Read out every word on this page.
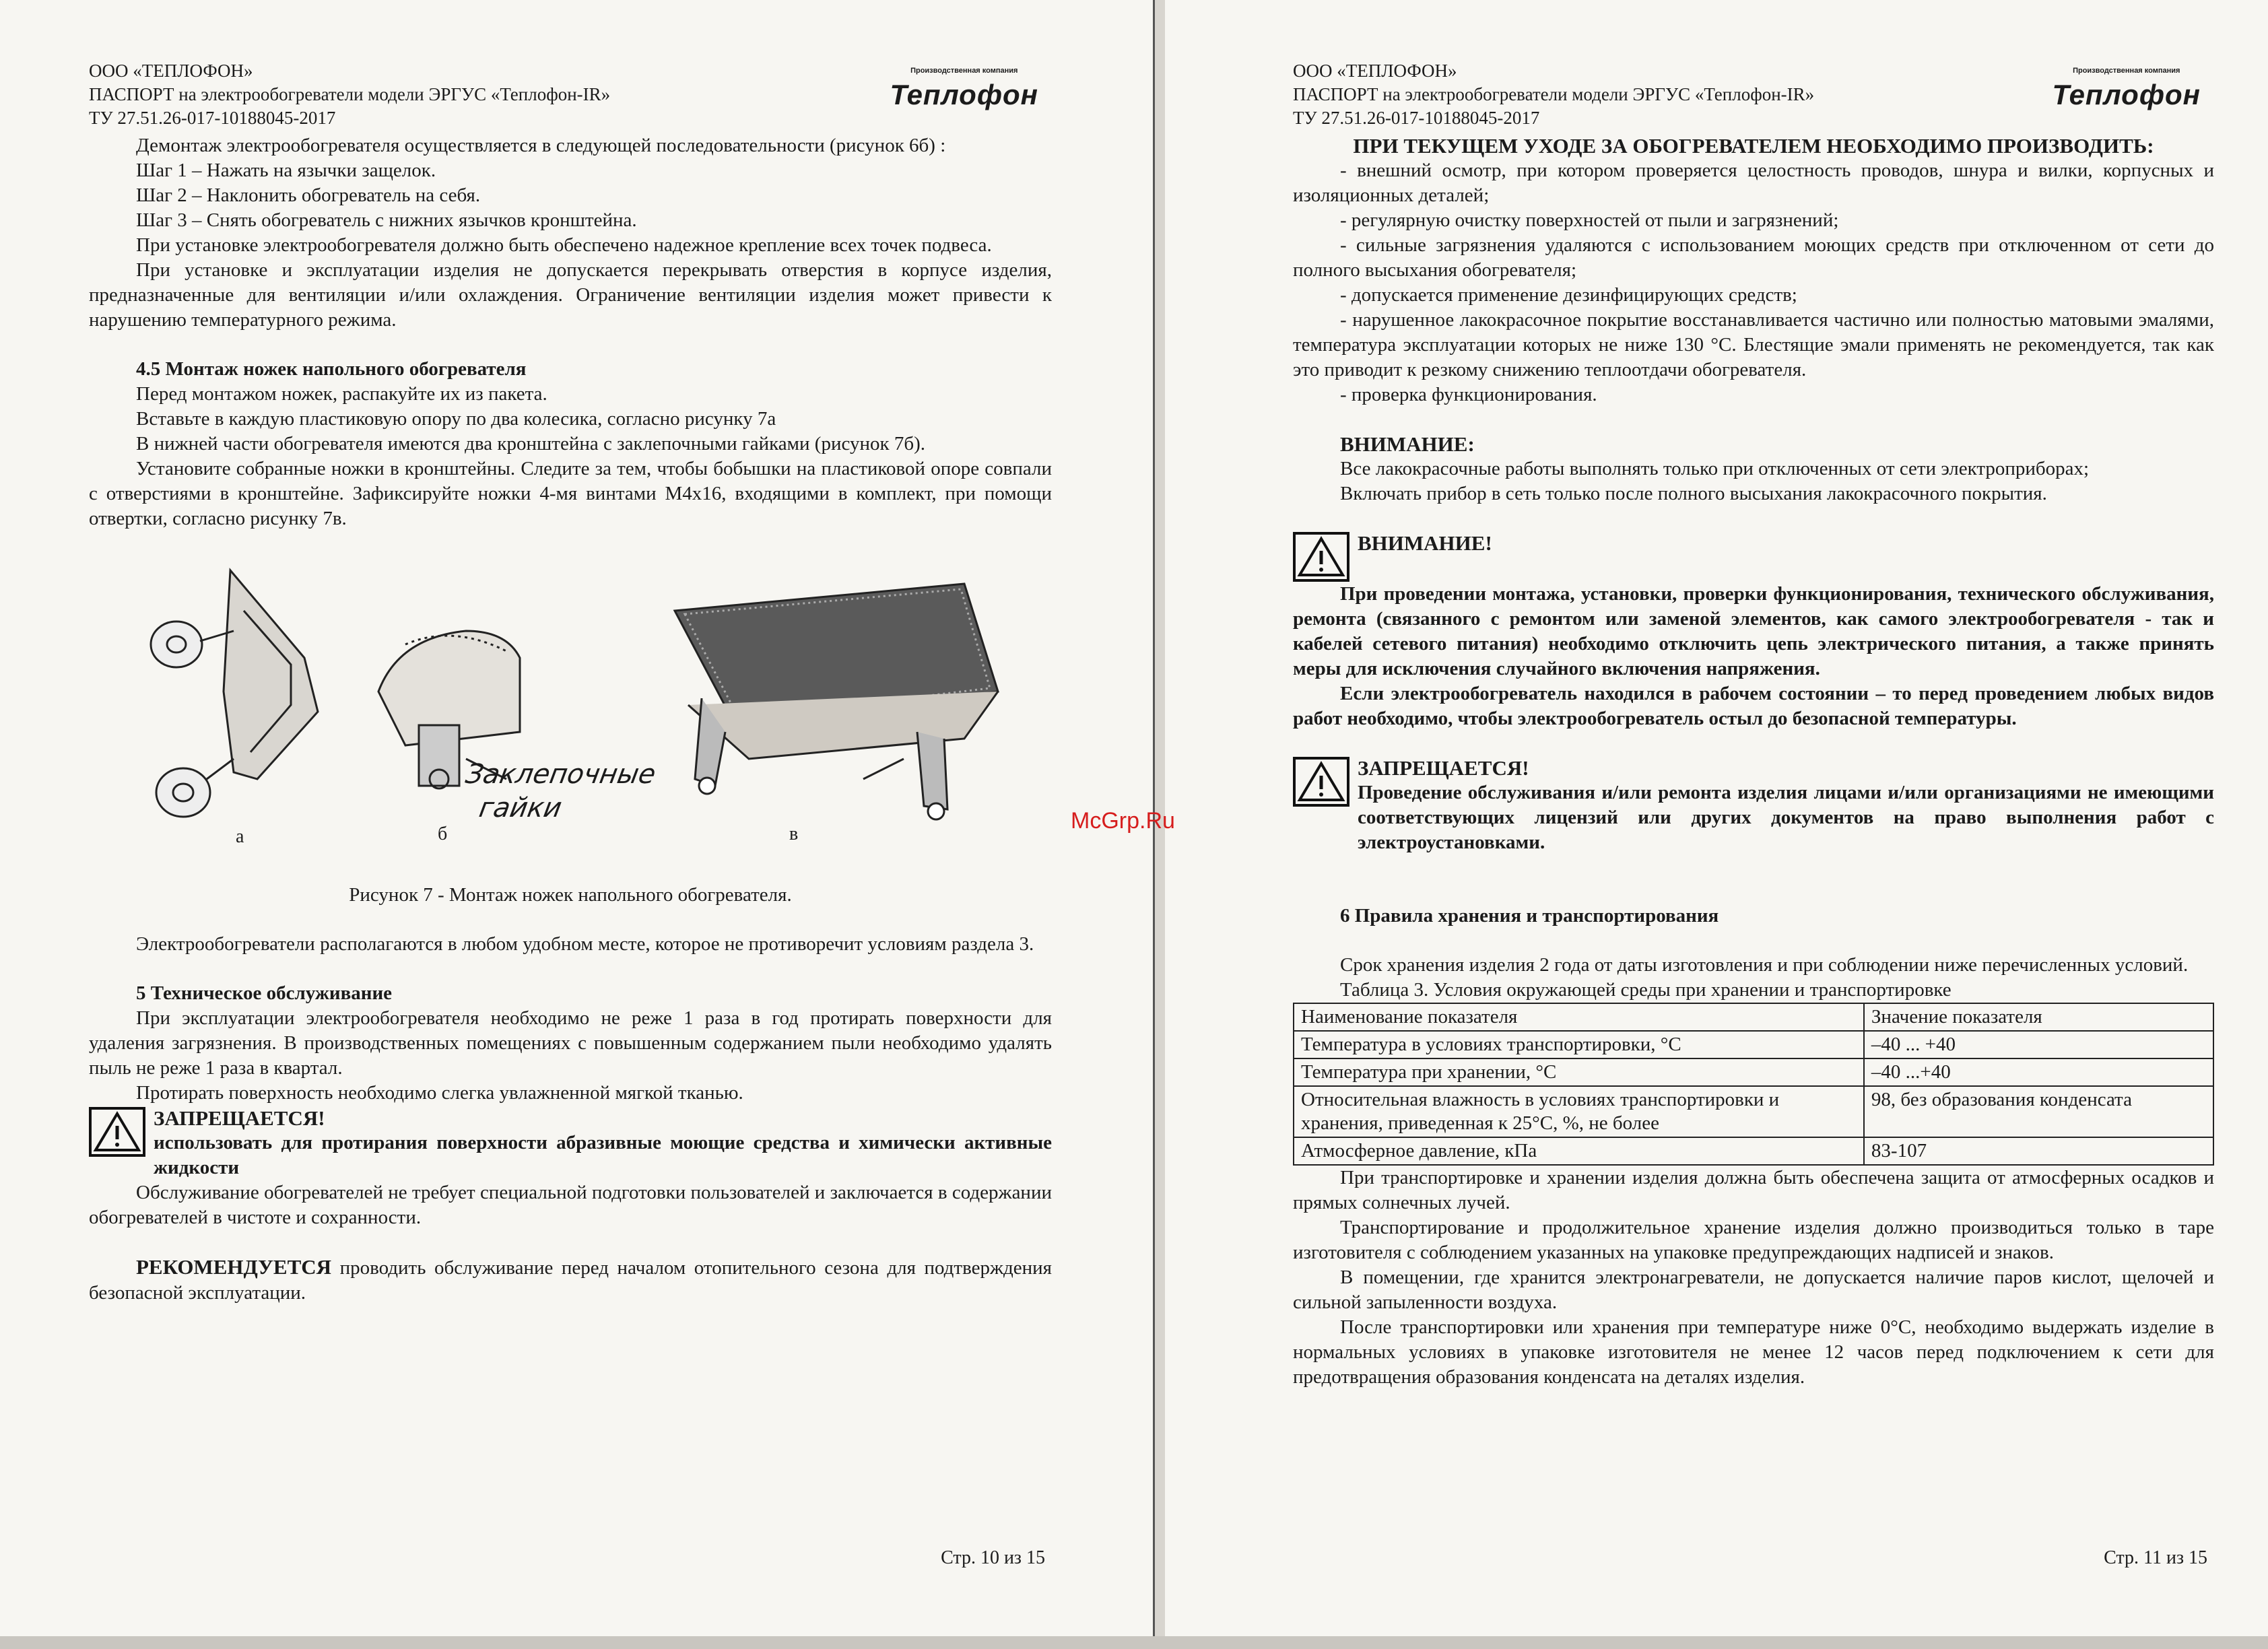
ООО «ТЕПЛОФОН»
ПАСПОРТ на электрообогреватели модели ЭРГУС «Теплофон-IR»
ТУ 27.51.26-017-10188045-2017
Производственная компания
Теплофон

Демонтаж электрообогревателя осуществляется в следующей последовательности (рисунок 6б) :

Шаг 1 – Нажать на язычки защелок.

Шаг 2 – Наклонить обогреватель на себя.

Шаг 3 – Снять обогреватель с нижних язычков кронштейна.

При установке электрообогревателя должно быть обеспечено надежное крепление всех точек подвеса.

При установке и эксплуатации изделия не допускается перекрывать отверстия в корпусе изделия, предназначенные для вентиляции и/или охлаждения. Ограничение вентиляции изделия может привести к нарушению температурного режима.

4.5 Монтаж ножек напольного обогревателя

Перед монтажом ножек, распакуйте их из пакета.

Вставьте в каждую пластиковую опору по два колесика, согласно рисунку 7а

В нижней части обогревателя имеются два кронштейна с заклепочными гайками (рисунок 7б).

Установите собранные ножки в кронштейны. Следите за тем, чтобы бобышки на пластиковой опоре совпали с отверстиями в кронштейне. Зафиксируйте ножки 4-мя винтами М4х16, входящими в комплект, при помощи отвертки, согласно рисунку 7в.

Заклепочные
гайки
а	б	в
Рисунок 7 - Монтаж ножек напольного обогревателя.

Электрообогреватели располагаются в любом удобном месте, которое не противоречит условиям раздела 3.

5 Техническое обслуживание

При эксплуатации электрообогревателя необходимо не реже 1 раза в год протирать поверхности для удаления загрязнения. В производственных помещениях с повышенным содержанием пыли необходимо удалять пыль не реже 1 раза в квартал.

Протирать поверхность необходимо слегка увлажненной мягкой тканью.

ЗАПРЕЩАЕТСЯ!

использовать для протирания поверхности абразивные моющие средства и химически активные жидкости

Обслуживание обогревателей не требует специальной подготовки пользователей и заключается в содержании обогревателей в чистоте и сохранности.

РЕКОМЕНДУЕТСЯ проводить обслуживание перед началом отопительного сезона для подтверждения безопасной эксплуатации.

Стр. 10 из 15
ООО «ТЕПЛОФОН»
ПАСПОРТ на электрообогреватели модели ЭРГУС «Теплофон-IR»
ТУ 27.51.26-017-10188045-2017
Производственная компания
Теплофон

ПРИ ТЕКУЩЕМ УХОДЕ ЗА ОБОГРЕВАТЕЛЕМ НЕОБХОДИМО ПРОИЗВОДИТЬ:

- внешний осмотр, при котором проверяется целостность проводов, шнура и вилки, корпусных и изоляционных деталей;

- регулярную очистку поверхностей от пыли и загрязнений;

- сильные загрязнения удаляются с использованием моющих средств при отключенном от сети до полного высыхания обогревателя;

- допускается применение дезинфицирующих средств;

- нарушенное лакокрасочное покрытие восстанавливается частично или полностью матовыми эмалями, температура эксплуатации которых не ниже 130 °С. Блестящие эмали применять не рекомендуется, так как это приводит к резкому снижению теплоотдачи обогревателя.

- проверка функционирования.

ВНИМАНИЕ:

Все лакокрасочные работы выполнять только при отключенных от сети электроприборах;

Включать прибор в сеть только после полного высыхания лакокрасочного покрытия.

ВНИМАНИЕ!

При проведении монтажа, установки, проверки функционирования, технического обслуживания, ремонта (связанного с ремонтом или заменой элементов, как самого электрообогревателя - так и кабелей сетевого питания) необходимо отключить цепь электрического питания, а также принять меры для исключения случайного включения напряжения.

Если электрообогреватель находился в рабочем состоянии – то перед проведением любых видов работ необходимо, чтобы электрообогреватель остыл до безопасной температуры.

ЗАПРЕЩАЕТСЯ!

Проведение обслуживания и/или ремонта изделия лицами и/или организациями не имеющими соответствующих лицензий или других документов на право выполнения работ с электроустановками.

6 Правила хранения и транспортирования

Срок хранения изделия 2 года от даты изготовления и при соблюдении ниже перечисленных условий.

Таблица 3. Условия окружающей среды при хранении и транспортировке

Наименование показателя	Значение показателя
Температура в условиях транспортировки, °С	–40 ... +40
Температура при хранении, °С	–40 ...+40
Относительная влажность в условиях транспортировки и хранения, приведенная к 25°С, %, не более	98, без образования конденсата
Атмосферное давление, кПа	83-107

При транспортировке и хранении изделия должна быть обеспечена защита от атмосферных осадков и прямых солнечных лучей.

Транспортирование и продолжительное хранение изделия должно производиться только в таре изготовителя с соблюдением указанных на упаковке предупреждающих надписей и знаков.

В помещении, где хранится электронагреватели, не допускается наличие паров кислот, щелочей и сильной запыленности воздуха.

После транспортировки или хранения при температуре ниже 0°С, необходимо выдержать изделие в нормальных условиях в упаковке изготовителя не менее 12 часов перед подключением к сети для предотвращения образования конденсата на деталях изделия.

Стр. 11 из 15
McGrp.Ru
